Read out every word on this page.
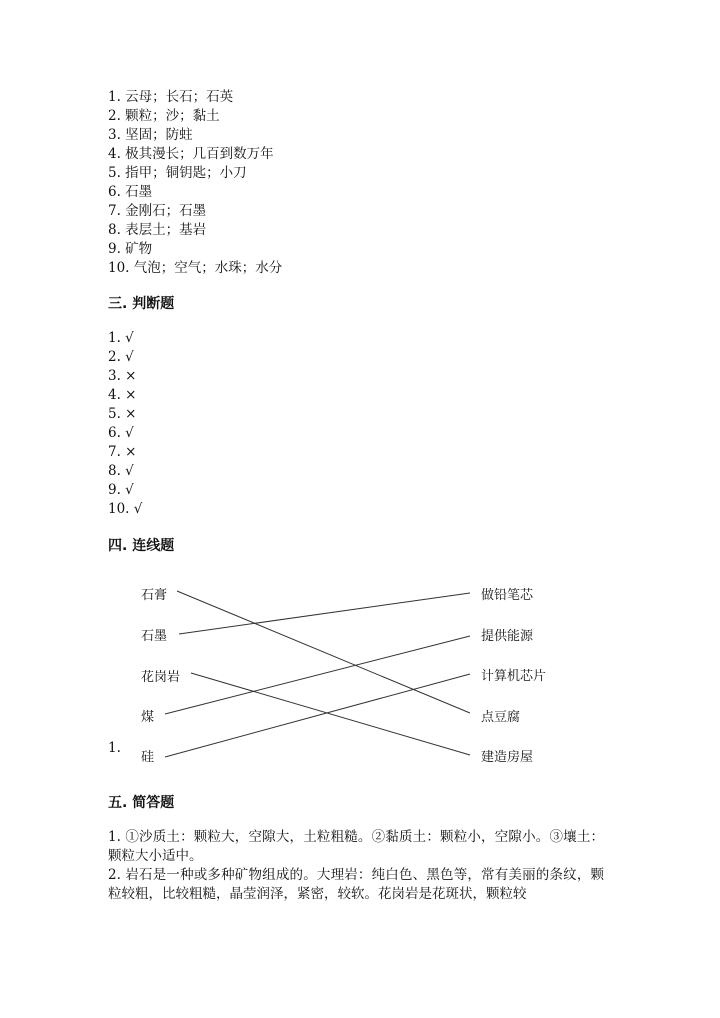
1. 云母；长石；石英
2. 颗粒；沙；黏土
3. 坚固；防蛀
4. 极其漫长；几百到数万年
5. 指甲；铜钥匙；小刀
6. 石墨
7. 金刚石；石墨
8. 表层土；基岩
9. 矿物
10. 气泡；空气；水珠；水分
三. 判断题
1. √
2. √
3. ×
4. ×
5. ×
6. √
7. ×
8. √
9. √
10. √
四. 连线题
石膏
石墨
花岗岩
煤
硅
做铅笔芯
提供能源
计算机芯片
点豆腐
建造房屋
1.
五. 简答题
1. ①沙质土：颗粒大，空隙大，土粒粗糙。②黏质土：颗粒小，空隙小。③壤土：颗粒大小适中。
2. 岩石是一种或多种矿物组成的。大理岩：纯白色、黑色等，常有美丽的条纹，颗粒较粗，比较粗糙，晶莹润泽，紧密，较软。花岗岩是花斑状，颗粒较
